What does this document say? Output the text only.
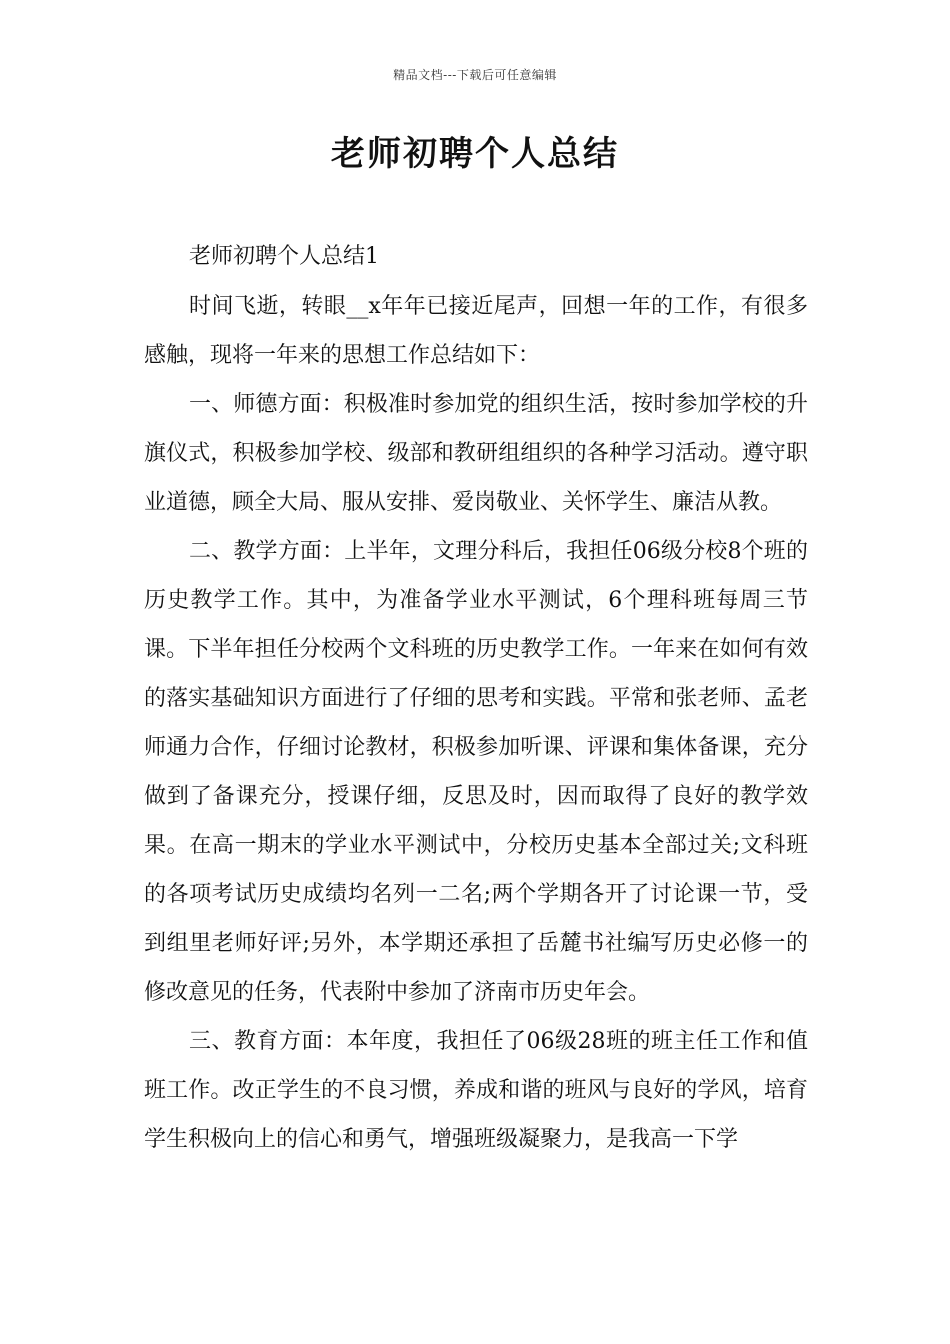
精品文档---下载后可任意编辑
老师初聘个人总结

老师初聘个人总结1

时间飞逝，转眼__x年年已接近尾声，回想一年的工作，有很多感触，现将一年来的思想工作总结如下：

一、师德方面：积极准时参加党的组织生活，按时参加学校的升旗仪式，积极参加学校、级部和教研组组织的各种学习活动。遵守职业道德，顾全大局、服从安排、爱岗敬业、关怀学生、廉洁从教。

二、教学方面：上半年，文理分科后，我担任06级分校8个班的历史教学工作。其中，为准备学业水平测试，6个理科班每周三节课。下半年担任分校两个文科班的历史教学工作。一年来在如何有效的落实基础知识方面进行了仔细的思考和实践。平常和张老师、孟老师通力合作，仔细讨论教材，积极参加听课、评课和集体备课，充分做到了备课充分，授课仔细，反思及时，因而取得了良好的教学效果。在高一期末的学业水平测试中，分校历史基本全部过关;文科班的各项考试历史成绩均名列一二名;两个学期各开了讨论课一节，受到组里老师好评;另外，本学期还承担了岳麓书社编写历史必修一的修改意见的任务，代表附中参加了济南市历史年会。

三、教育方面：本年度，我担任了06级28班的班主任工作和值班工作。改正学生的不良习惯，养成和谐的班风与良好的学风，培育学生积极向上的信心和勇气，增强班级凝聚力，是我高一下学
